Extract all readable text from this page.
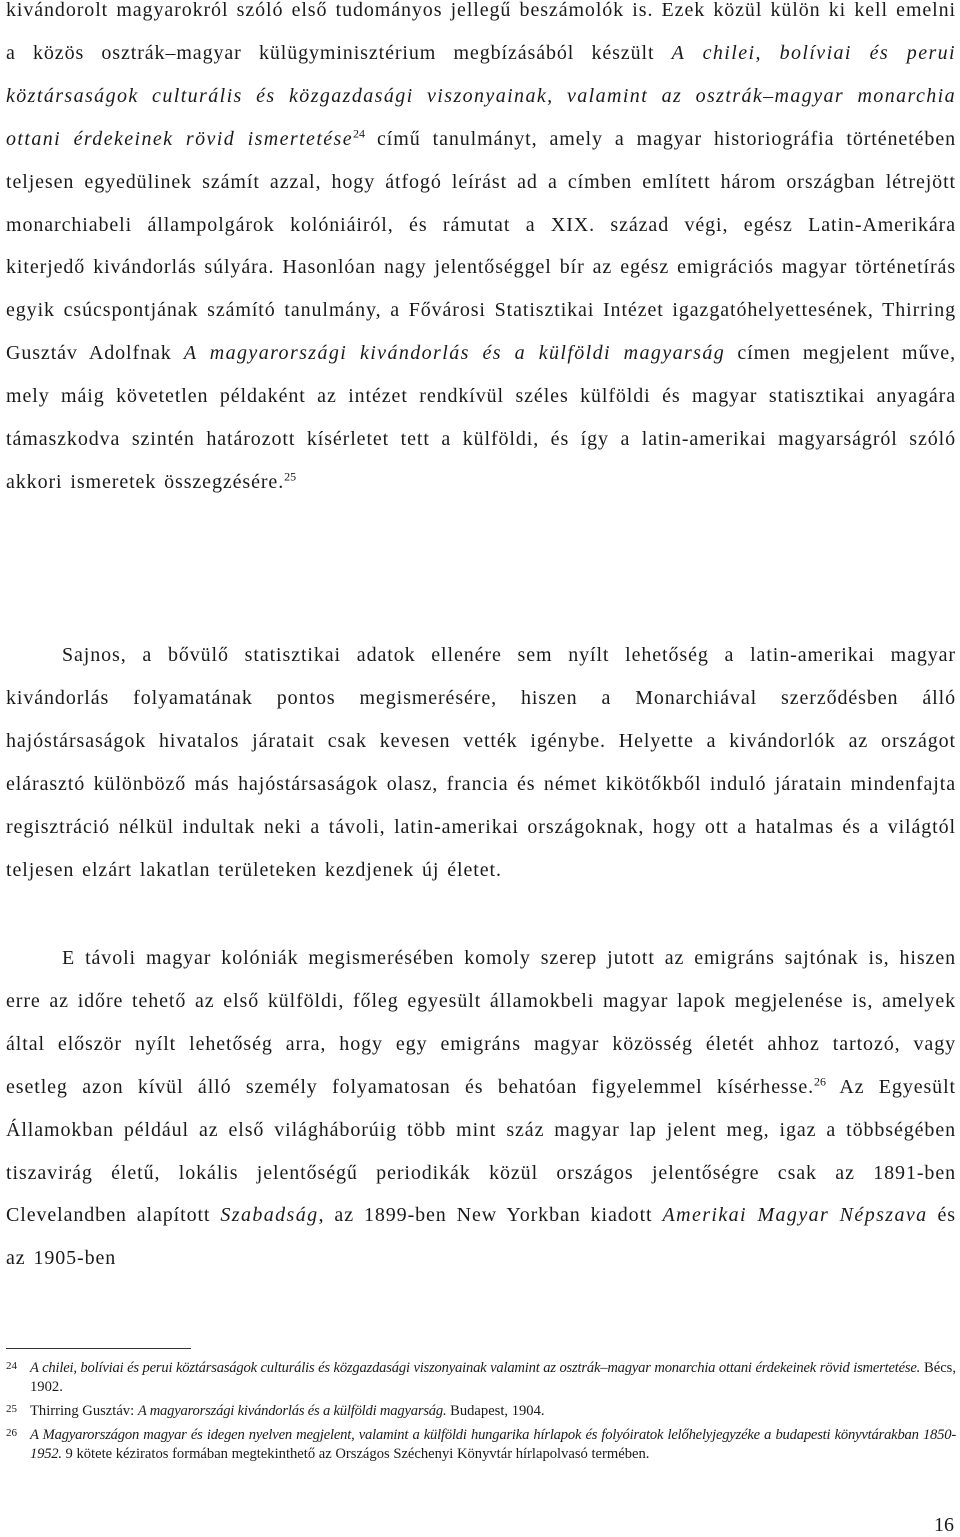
kivándorolt magyarokról szóló első tudományos jellegű beszámolók is. Ezek közül külön ki kell emelni a közös osztrák–magyar külügyminisztérium megbízásából készült A chilei, bolíviai és perui köztársaságok culturális és közgazdasági viszonyainak, valamint az osztrák–magyar monarchia ottani érdekeinek rövid ismertetése$^{24}$ című tanulmányt, amely a magyar historiográfia történetében teljesen egyedülinek számít azzal, hogy átfogó leírást ad a címben említett három országban létrejött monarchiabeli állampolgárok kolóniáiról, és rámutat a XIX. század végi, egész Latin-Amerikára kiterjedő kivándorlás súlyára. Hasonlóan nagy jelentőséggel bír az egész emigrációs magyar történetírás egyik csúcspontjának számító tanulmány, a Fővárosi Statisztikai Intézet igazgatóhelyettesének, Thirring Gusztáv Adolfnak A magyarországi kivándorlás és a külföldi magyarság címen megjelent műve, mely máig követetlen példaként az intézet rendkívül széles külföldi és magyar statisztikai anyagára támaszkodva szintén határozott kísérletet tett a külföldi, és így a latin-amerikai magyarságról szóló akkori ismeretek összegzésére.$^{25}$

Sajnos, a bővülő statisztikai adatok ellenére sem nyílt lehetőség a latin-amerikai magyar kivándorlás folyamatának pontos megismerésére, hiszen a Monarchiával szerződésben álló hajóstársaságok hivatalos járatait csak kevesen vették igénybe. Helyette a kivándorlók az országot elárasztó különböző más hajóstársaságok olasz, francia és német kikötőkből induló járatain mindenfajta regisztráció nélkül indultak neki a távoli, latin-amerikai országoknak, hogy ott a hatalmas és a világtól teljesen elzárt lakatlan területeken kezdjenek új életet.

E távoli magyar kolóniák megismerésében komoly szerep jutott az emigráns sajtónak is, hiszen erre az időre tehető az első külföldi, főleg egyesült államokbeli magyar lapok megjelenése is, amelyek által először nyílt lehetőség arra, hogy egy emigráns magyar közösség életét ahhoz tartozó, vagy esetleg azon kívül álló személy folyamatosan és behatóan figyelemmel kísérhesse.$^{26}$ Az Egyesült Államokban például az első világháborúig több mint száz magyar lap jelent meg, igaz a többségében tiszavirág életű, lokális jelentőségű periodikák közül országos jelentőségre csak az 1891-ben Clevelandben alapított Szabadság, az 1899-ben New Yorkban kiadott Amerikai Magyar Népszava és az 1905-ben

24 A chilei, bolíviai és perui köztársaságok culturális és közgazdasági viszonyainak valamint az osztrák–magyar monarchia ottani érdekeinek rövid ismertetése. Bécs, 1902.
25 Thirring Gusztáv: A magyarországi kivándorlás és a külföldi magyarság. Budapest, 1904.
26 A Magyarországon magyar és idegen nyelven megjelent, valamint a külföldi hungarika hírlapok és folyóiratok lelőhelyjegyzéke a budapesti könyvtárakban 1850-1952. 9 kötete kéziratos formában megtekinthető az Országos Széchenyi Könyvtár hírlapolvasó termében.
16
